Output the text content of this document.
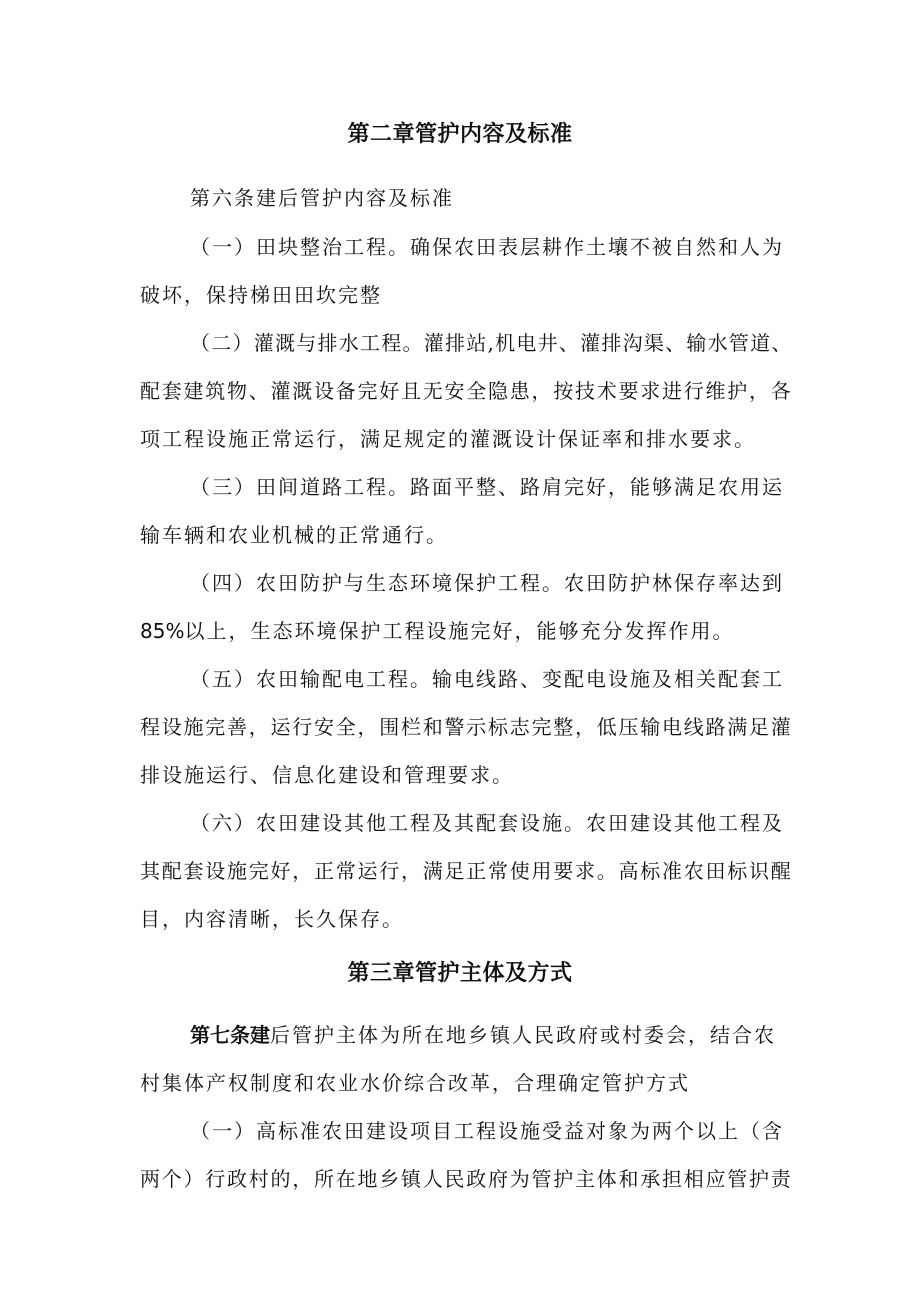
第二章管护内容及标准

第六条建后管护内容及标准

（一）田块整治工程。确保农田表层耕作土壤不被自然和人为

破坏，保持梯田田坎完整

（二）灌溉与排水工程。灌排站,机电井、灌排沟渠、输水管道、

配套建筑物、灌溉设备完好且无安全隐患，按技术要求进行维护，各

项工程设施正常运行，满足规定的灌溉设计保证率和排水要求。

（三）田间道路工程。路面平整、路肩完好，能够满足农用运

输车辆和农业机械的正常通行。

（四）农田防护与生态环境保护工程。农田防护林保存率达到

85%以上，生态环境保护工程设施完好，能够充分发挥作用。

（五）农田输配电工程。输电线路、变配电设施及相关配套工

程设施完善，运行安全，围栏和警示标志完整，低压输电线路满足灌

排设施运行、信息化建设和管理要求。

（六）农田建设其他工程及其配套设施。农田建设其他工程及

其配套设施完好，正常运行，满足正常使用要求。高标准农田标识醒

目，内容清晰，长久保存。

第三章管护主体及方式

第七条建后管护主体为所在地乡镇人民政府或村委会，结合农

村集体产权制度和农业水价综合改革，合理确定管护方式

（一）高标准农田建设项目工程设施受益对象为两个以上（含

两个）行政村的，所在地乡镇人民政府为管护主体和承担相应管护责
